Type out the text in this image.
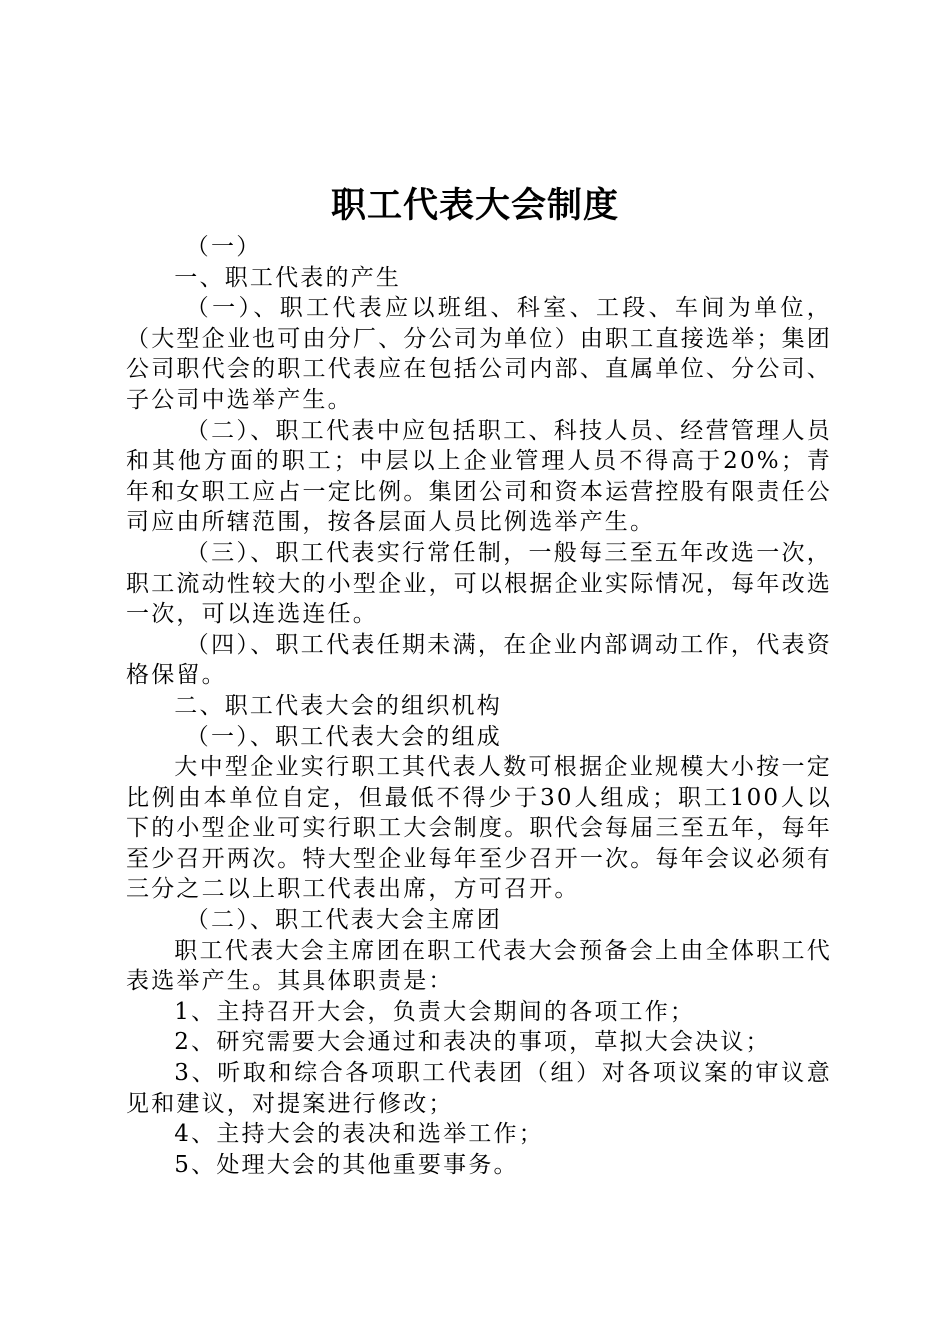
职工代表大会制度

（一）

一、职工代表的产生

（一）、职工代表应以班组、科室、工段、车间为单位，（大型企业也可由分厂、分公司为单位）由职工直接选举；集团公司职代会的职工代表应在包括公司内部、直属单位、分公司、子公司中选举产生。

（二）、职工代表中应包括职工、科技人员、经营管理人员和其他方面的职工；中层以上企业管理人员不得高于20%；青年和女职工应占一定比例。集团公司和资本运营控股有限责任公司应由所辖范围，按各层面人员比例选举产生。

（三）、职工代表实行常任制，一般每三至五年改选一次，职工流动性较大的小型企业，可以根据企业实际情况，每年改选一次，可以连选连任。

（四）、职工代表任期未满，在企业内部调动工作，代表资格保留。

二、职工代表大会的组织机构

（一）、职工代表大会的组成

大中型企业实行职工其代表人数可根据企业规模大小按一定比例由本单位自定，但最低不得少于30人组成；职工100人以下的小型企业可实行职工大会制度。职代会每届三至五年，每年至少召开两次。特大型企业每年至少召开一次。每年会议必须有三分之二以上职工代表出席，方可召开。

（二）、职工代表大会主席团

职工代表大会主席团在职工代表大会预备会上由全体职工代表选举产生。其具体职责是：

1、主持召开大会，负责大会期间的各项工作；

2、研究需要大会通过和表决的事项，草拟大会决议；

3、听取和综合各项职工代表团（组）对各项议案的审议意见和建议，对提案进行修改；

4、主持大会的表决和选举工作；

5、处理大会的其他重要事务。
